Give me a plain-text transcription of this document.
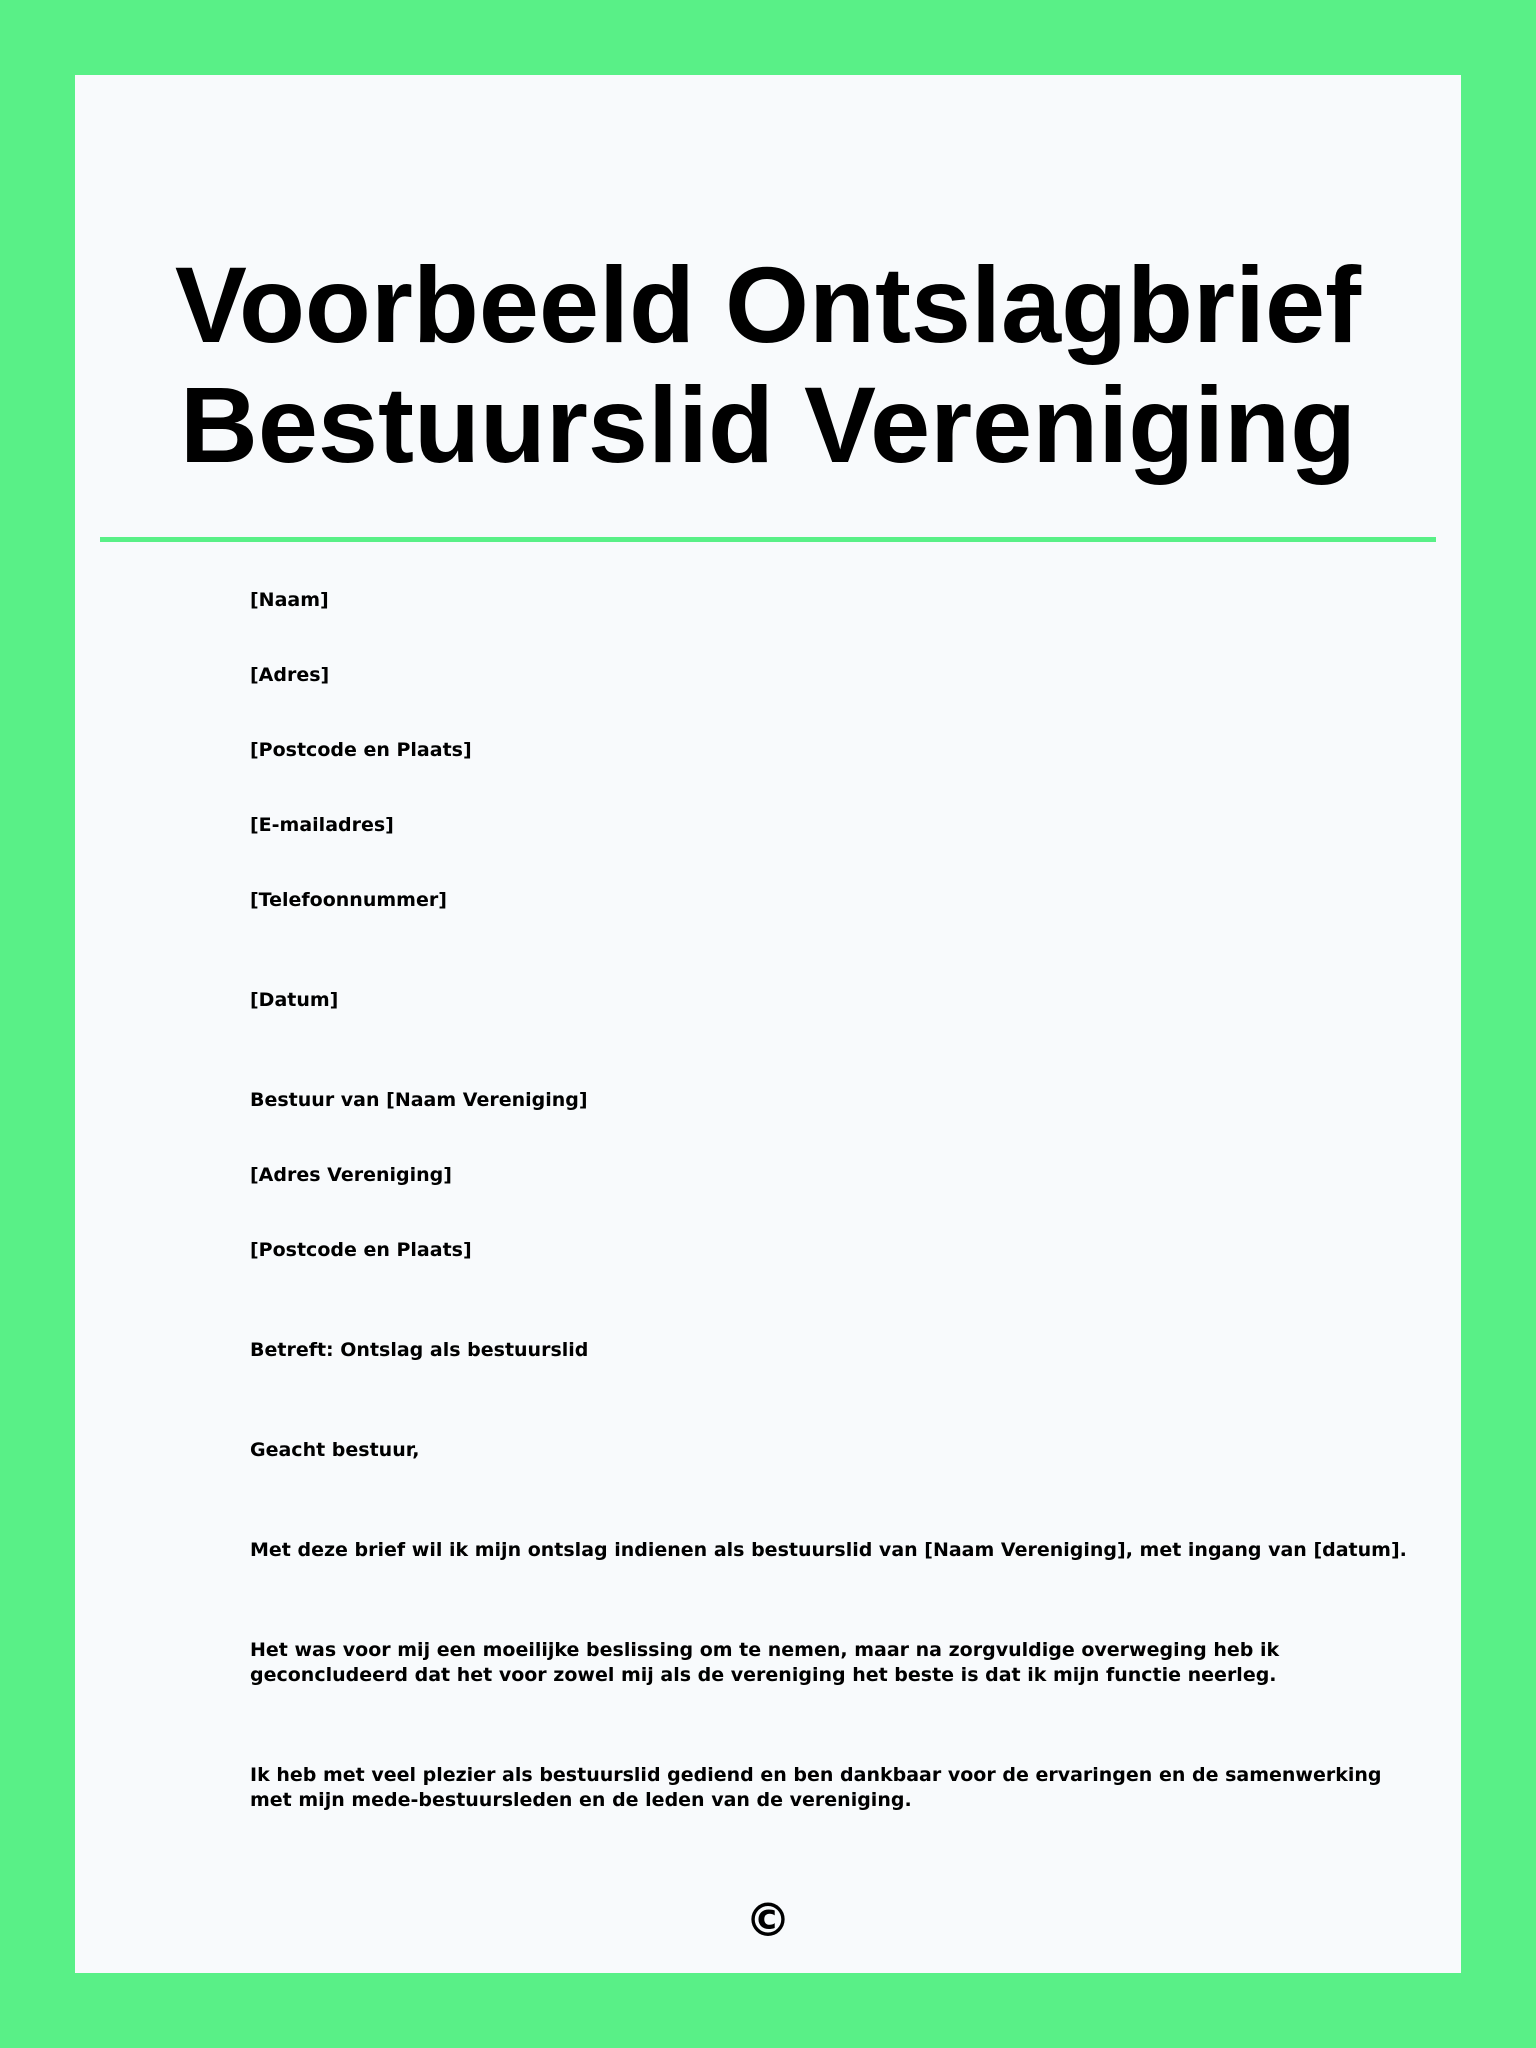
Voorbeeld Ontslagbrief
Bestuurslid Vereniging

[Naam]

[Adres]

[Postcode en Plaats]

[E-mailadres]

[Telefoonnummer]

[Datum]

Bestuur van [Naam Vereniging]

[Adres Vereniging]

[Postcode en Plaats]

Betreft: Ontslag als bestuurslid

Geacht bestuur,

Met deze brief wil ik mijn ontslag indienen als bestuurslid van [Naam Vereniging], met ingang van [datum].

Het was voor mij een moeilijke beslissing om te nemen, maar na zorgvuldige overweging heb ik
geconcludeerd dat het voor zowel mij als de vereniging het beste is dat ik mijn functie neerleg.

Ik heb met veel plezier als bestuurslid gediend en ben dankbaar voor de ervaringen en de samenwerking
met mijn mede-bestuursleden en de leden van de vereniging.

©
